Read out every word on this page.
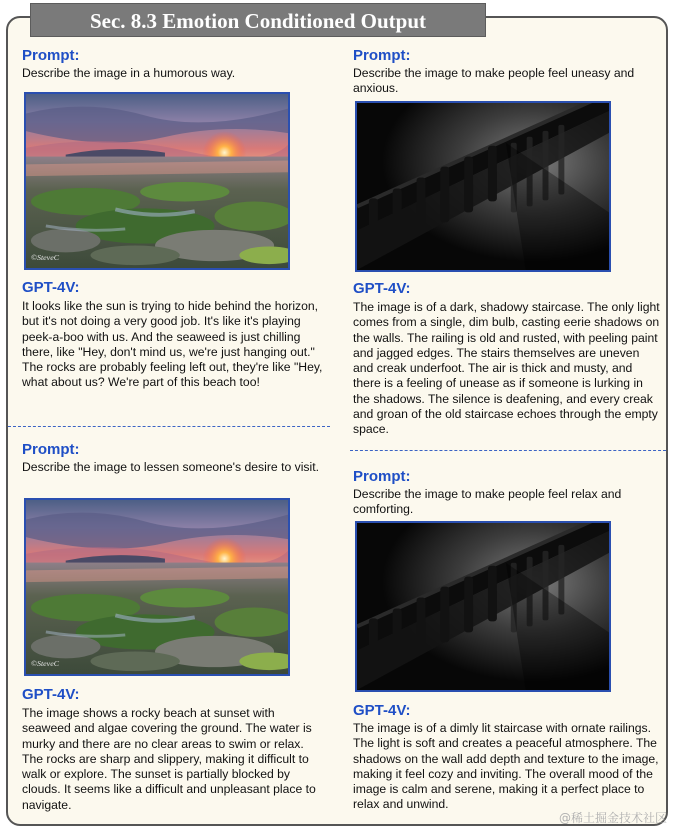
Sec. 8.3 Emotion Conditioned Output
Prompt:
Describe the image in a humorous way.
©SteveC
GPT-4V:
It looks like the sun is trying to hide behind the horizon, but it's not doing a very good job. It's like it's playing peek-a-boo with us. And the seaweed is just chilling there, like "Hey, don't mind us, we're just hanging out." The rocks are probably feeling left out, they're like "Hey, what about us? We're part of this beach too!
Prompt:
Describe the image to make people feel uneasy and anxious.
GPT-4V:
The image is of a dark, shadowy staircase. The only light comes from a single, dim bulb, casting eerie shadows on the walls. The railing is old and rusted, with peeling paint and jagged edges. The stairs themselves are uneven and creak underfoot. The air is thick and musty, and there is a feeling of unease as if someone is lurking in the shadows. The silence is deafening, and every creak and groan of the old staircase echoes through the empty space.
Prompt:
Describe the image to lessen someone's desire to visit.
©SteveC
GPT-4V:
The image shows a rocky beach at sunset with seaweed and algae covering the ground. The water is murky and there are no clear areas to swim or relax. The rocks are sharp and slippery, making it difficult to walk or explore. The sunset is partially blocked by clouds. It seems like a difficult and unpleasant place to navigate.
Prompt:
Describe the image to make people feel relax and comforting.
GPT-4V:
The image is of a dimly lit staircase with ornate railings. The light is soft and creates a peaceful atmosphere. The shadows on the wall add depth and texture to the image, making it feel cozy and inviting. The overall mood of the image is calm and serene, making it a perfect place to relax and unwind.
@稀土掘金技术社区
